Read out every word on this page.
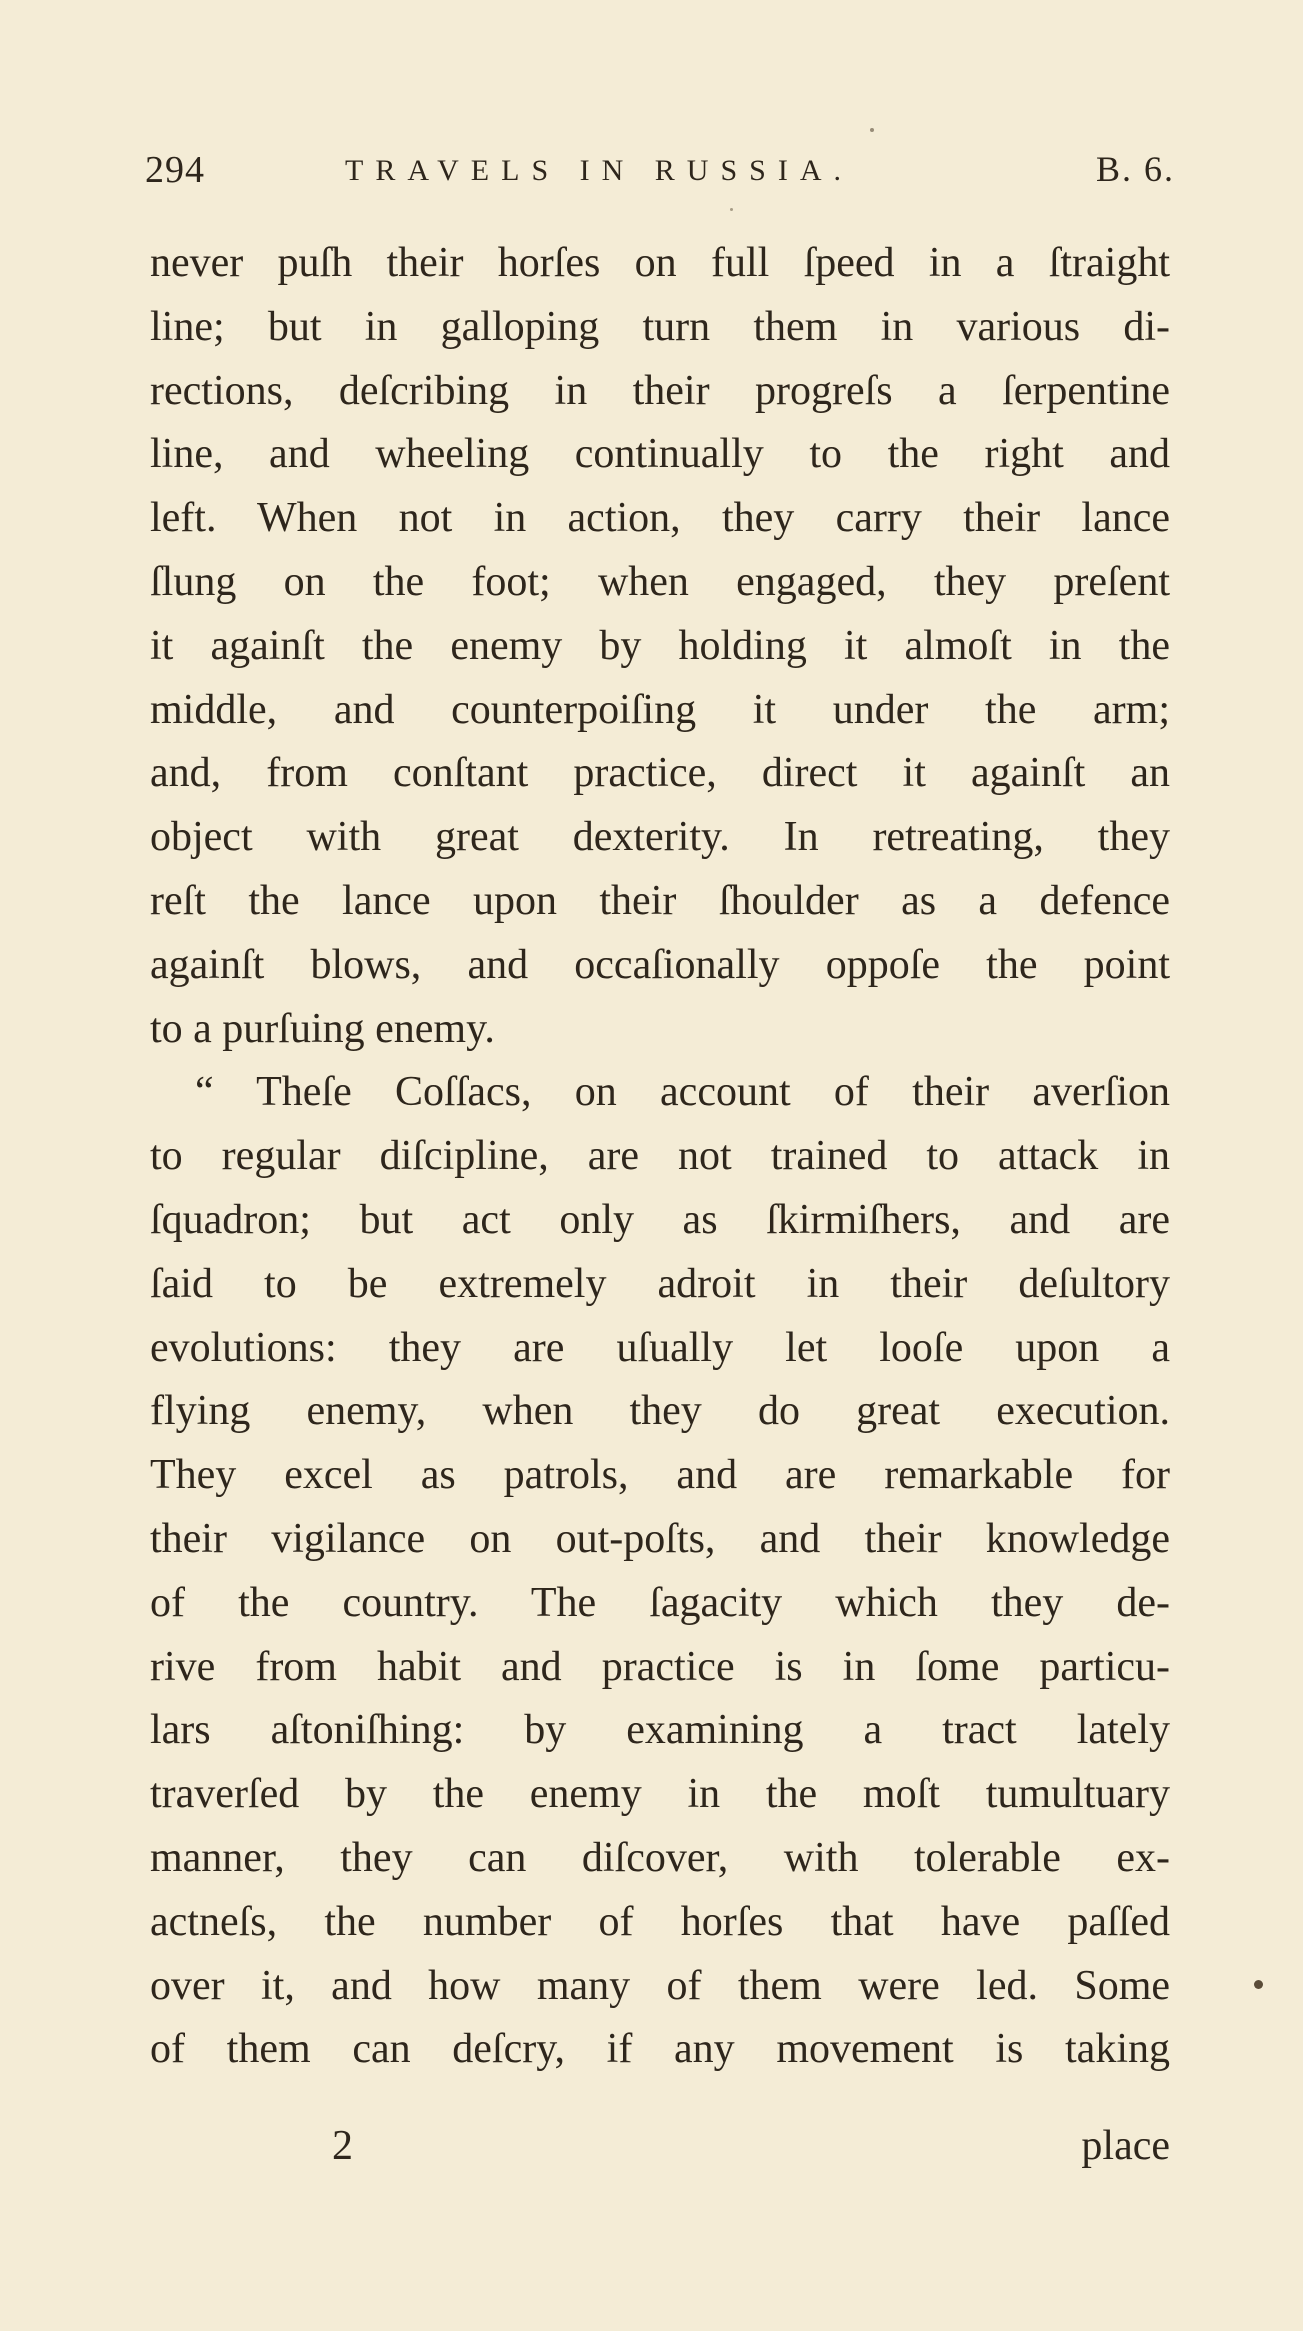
294	TRAVELS IN RUSSIA.	B. 6.
never puſh their horſes on full ſpeed in a ſtraight
line; but in galloping turn them in various di-
rections, deſcribing in their progreſs a ſerpentine
line, and wheeling continually to the right and
left. When not in action, they carry their lance
ſlung on the foot; when engaged, they preſent
it againſt the enemy by holding it almoſt in the
middle, and counterpoiſing it under the arm;
and, from conſtant practice, direct it againſt an
object with great dexterity. In retreating, they
reſt the lance upon their ſhoulder as a defence
againſt blows, and occaſionally oppoſe the point
to a purſuing enemy.
“ Theſe Coſſacs, on account of their averſion
to regular diſcipline, are not trained to attack in
ſquadron; but act only as ſkirmiſhers, and are
ſaid to be extremely adroit in their deſultory
evolutions: they are uſually let looſe upon a
flying enemy, when they do great execution.
They excel as patrols, and are remarkable for
their vigilance on out-poſts, and their knowledge
of the country. The ſagacity which they de-
rive from habit and practice is in ſome particu-
lars aſtoniſhing: by examining a tract lately
traverſed by the enemy in the moſt tumultuary
manner, they can diſcover, with tolerable ex-
actneſs, the number of horſes that have paſſed
over it, and how many of them were led. Some
of them can deſcry, if any movement is taking
2	place
